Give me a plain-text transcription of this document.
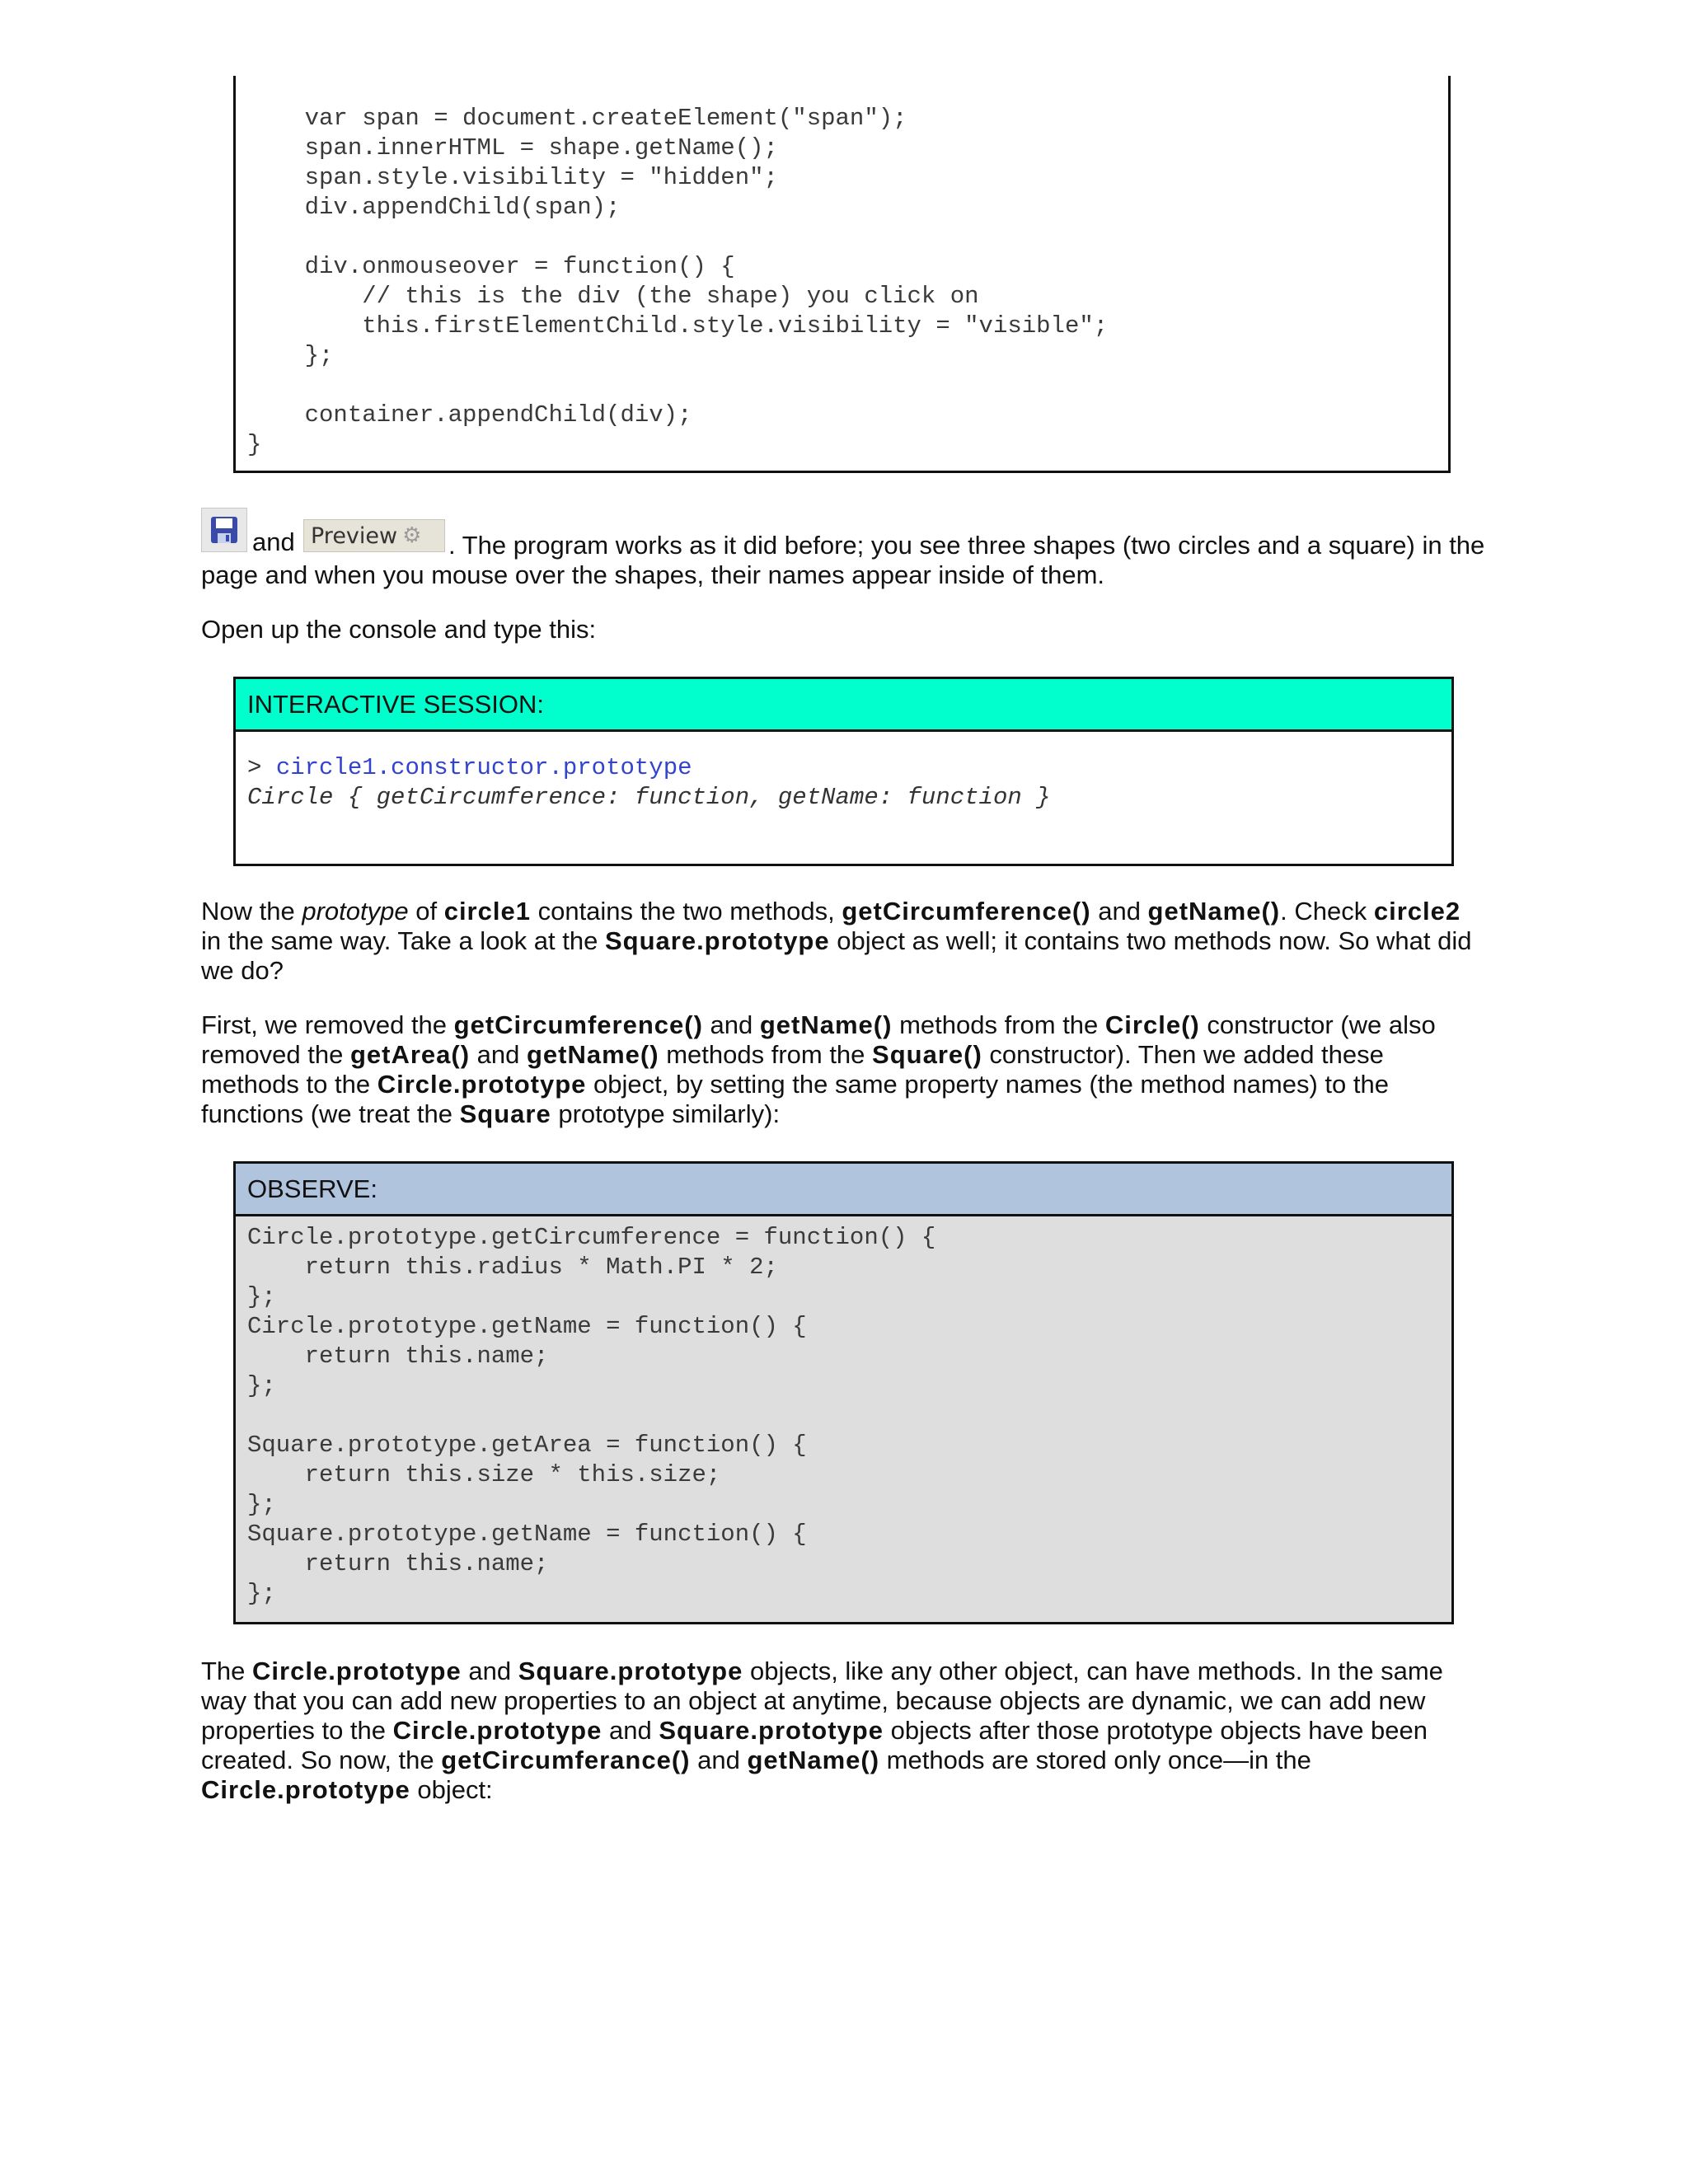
var span = document.createElement("span");
span.innerHTML = shape.getName();
span.style.visibility = "hidden";
div.appendChild(span);

div.onmouseover = function() {
// this is the div (the shape) you click on
this.firstElementChild.style.visibility = "visible";
};

container.appendChild(div);
}
and Preview ⚙	. The program works as it did before; you see three shapes (two circles and a square) in the page and when you mouse over the shapes, their names appear inside of them.

Open up the console and type this:

INTERACTIVE SESSION:
> circle1.constructor.prototype
Circle { getCircumference: function, getName: function }

Now the prototype of circle1 contains the two methods, getCircumference() and getName(). Check circle2 in the same way. Take a look at the Square.prototype object as well; it contains two methods now. So what did we do?

First, we removed the getCircumference() and getName() methods from the Circle() constructor (we also removed the getArea() and getName() methods from the Square() constructor). Then we added these methods to the Circle.prototype object, by setting the same property names (the method names) to the functions (we treat the Square prototype similarly):

OBSERVE:
Circle.prototype.getCircumference = function() {
return this.radius * Math.PI * 2;
};
Circle.prototype.getName = function() {
return this.name;
};

Square.prototype.getArea = function() {
return this.size * this.size;
};
Square.prototype.getName = function() {
return this.name;
};

The Circle.prototype and Square.prototype objects, like any other object, can have methods. In the same way that you can add new properties to an object at anytime, because objects are dynamic, we can add new properties to the Circle.prototype and Square.prototype objects after those prototype objects have been created. So now, the getCircumferance() and getName() methods are stored only once—in the Circle.prototype object:
